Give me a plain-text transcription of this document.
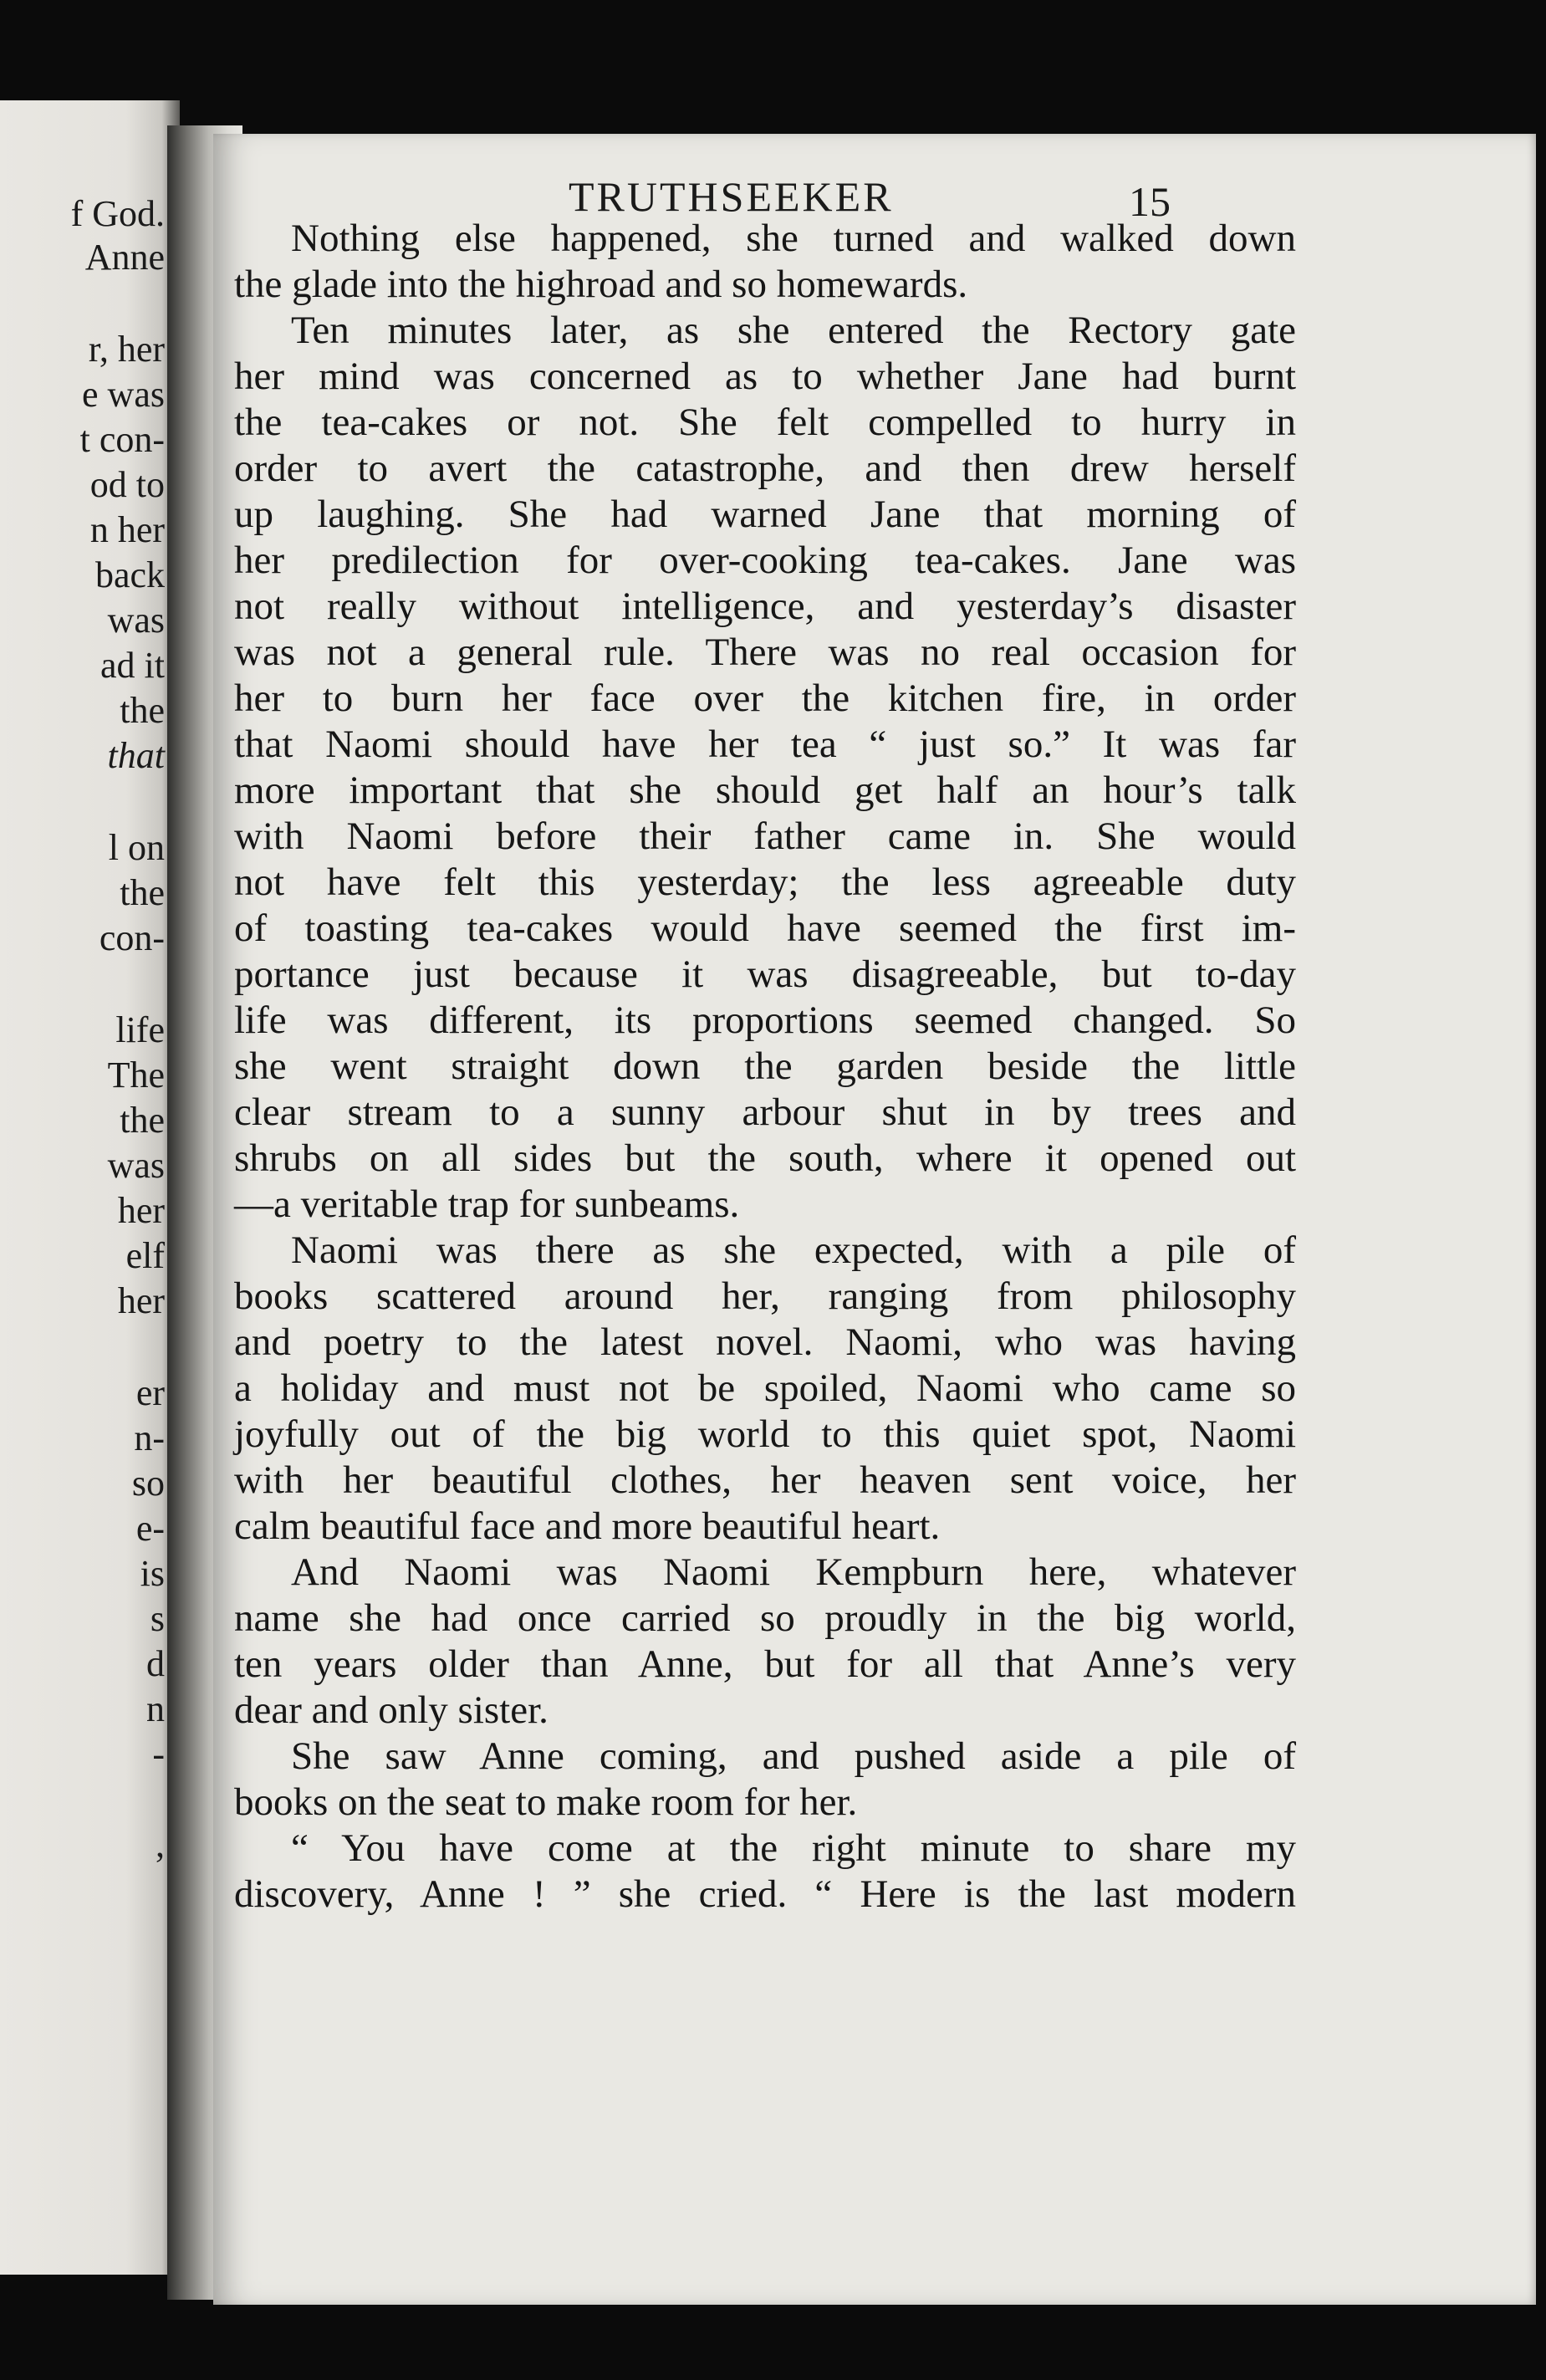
f God.

Anne

r, her

e was

t con-

od to

n her

back

was

ad it

the

that

l on

the

con-

life

The

the

was

her

elf

her

er

n-

so

e-

is

s

d

n

-

,

TRUTHSEEKER	15

Nothing else happened, she turned and walked down

the glade into the highroad and so homewards.

Ten minutes later, as she entered the Rectory gate

her mind was concerned as to whether Jane had burnt

the tea-cakes or not. She felt compelled to hurry in

order to avert the catastrophe, and then drew herself

up laughing. She had warned Jane that morning of

her predilection for over-cooking tea-cakes. Jane was

not really without intelligence, and yesterday’s disaster

was not a general rule. There was no real occasion for

her to burn her face over the kitchen fire, in order

that Naomi should have her tea “ just so.” It was far

more important that she should get half an hour’s talk

with Naomi before their father came in. She would

not have felt this yesterday; the less agreeable duty

of toasting tea-cakes would have seemed the first im-

portance just because it was disagreeable, but to-day

life was different, its proportions seemed changed. So

she went straight down the garden beside the little

clear stream to a sunny arbour shut in by trees and

shrubs on all sides but the south, where it opened out

—a veritable trap for sunbeams.

Naomi was there as she expected, with a pile of

books scattered around her, ranging from philosophy

and poetry to the latest novel. Naomi, who was having

a holiday and must not be spoiled, Naomi who came so

joyfully out of the big world to this quiet spot, Naomi

with her beautiful clothes, her heaven sent voice, her

calm beautiful face and more beautiful heart.

And Naomi was Naomi Kempburn here, whatever

name she had once carried so proudly in the big world,

ten years older than Anne, but for all that Anne’s very

dear and only sister.

She saw Anne coming, and pushed aside a pile of

books on the seat to make room for her.

“ You have come at the right minute to share my

discovery, Anne ! ” she cried. “ Here is the last modern
